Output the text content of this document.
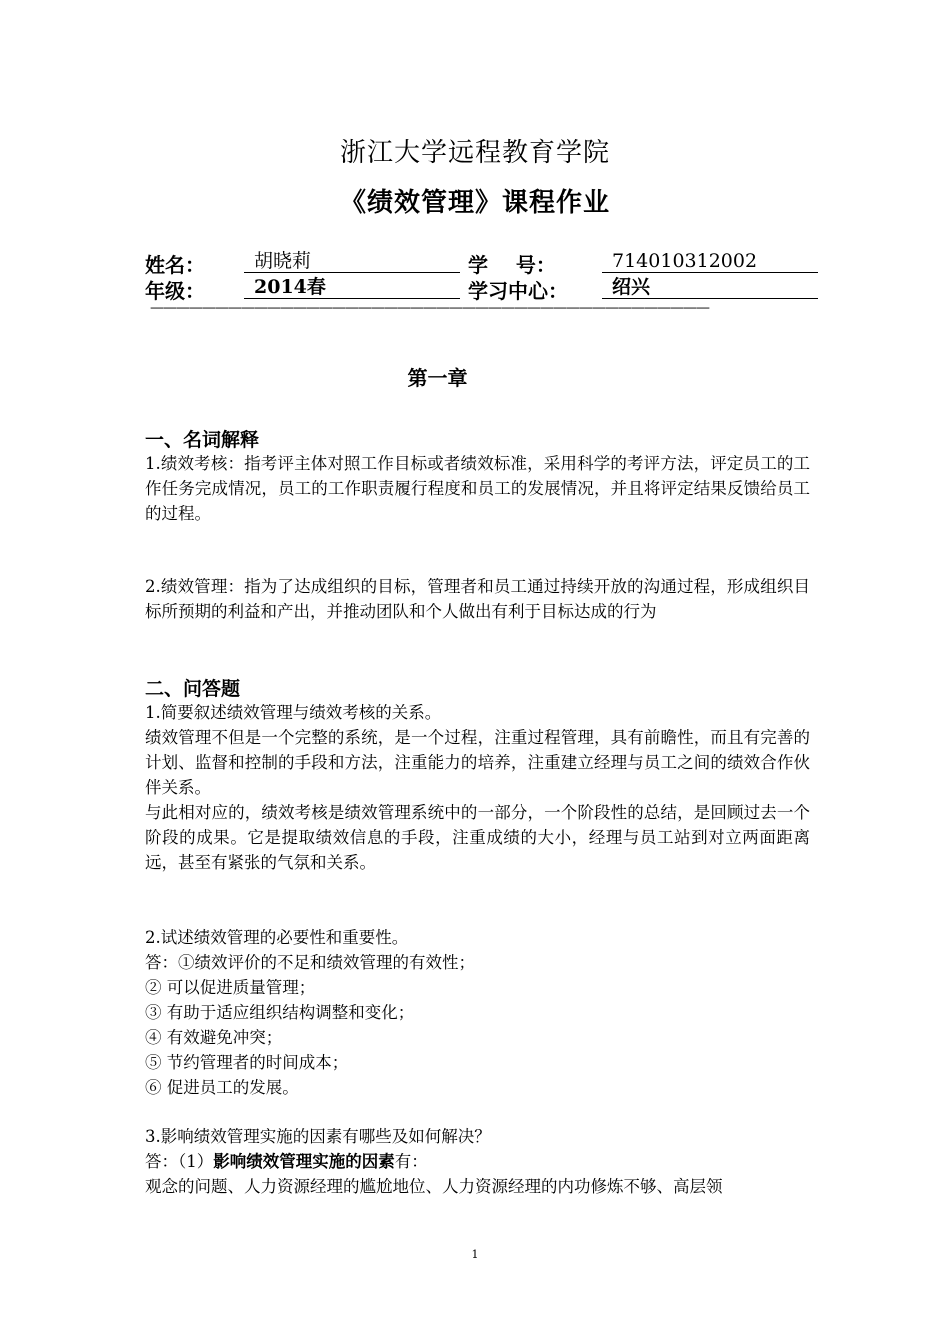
浙江大学远程教育学院
《绩效管理》课程作业
姓名：	胡晓莉	学    号：	714010312002
年级：	2014春	学习中心：	绍兴
———————————————————————————————————————————
第一章
一、名词解释
1.绩效考核：指考评主体对照工作目标或者绩效标准，采用科学的考评方法，评定员工的工作任务完成情况，员工的工作职责履行程度和员工的发展情况，并且将评定结果反馈给员工的过程。
2.绩效管理：指为了达成组织的目标，管理者和员工通过持续开放的沟通过程，形成组织目标所预期的利益和产出，并推动团队和个人做出有利于目标达成的行为
二、问答题
1.简要叙述绩效管理与绩效考核的关系。
绩效管理不但是一个完整的系统，是一个过程，注重过程管理，具有前瞻性，而且有完善的计划、监督和控制的手段和方法，注重能力的培养，注重建立经理与员工之间的绩效合作伙伴关系。
与此相对应的，绩效考核是绩效管理系统中的一部分，一个阶段性的总结，是回顾过去一个阶段的成果。它是提取绩效信息的手段，注重成绩的大小，经理与员工站到对立两面距离远，甚至有紧张的气氛和关系。
2.试述绩效管理的必要性和重要性。
答：①绩效评价的不足和绩效管理的有效性；
② 可以促进质量管理；
③ 有助于适应组织结构调整和变化；
④ 有效避免冲突；
⑤ 节约管理者的时间成本；
⑥ 促进员工的发展。
3.影响绩效管理实施的因素有哪些及如何解决？
答：（1）影响绩效管理实施的因素有：
观念的问题、人力资源经理的尴尬地位、人力资源经理的内功修炼不够、高层领
1
